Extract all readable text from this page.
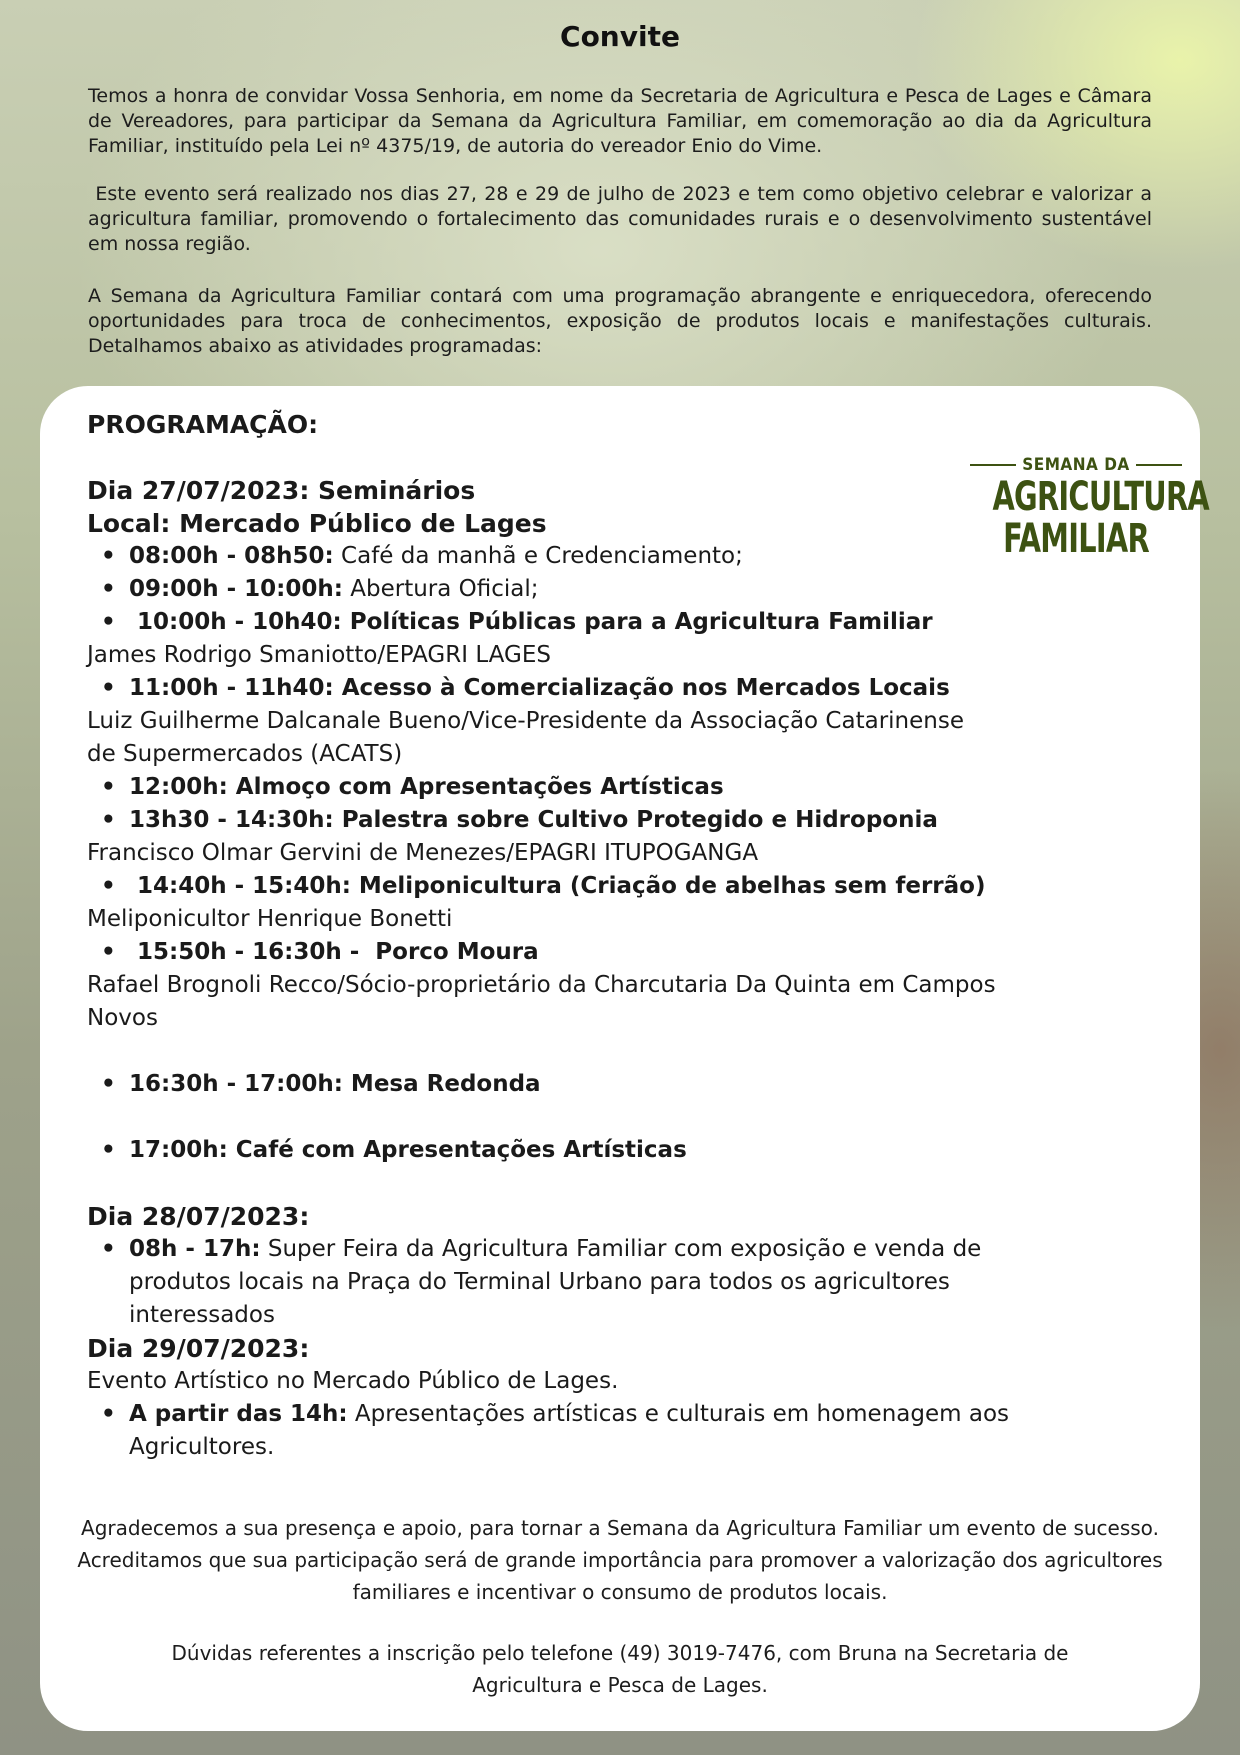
Convite

Temos a honra de convidar Vossa Senhoria, em nome da Secretaria de Agricultura e Pesca de Lages e Câmara de Vereadores, para participar da Semana da Agricultura Familiar, em comemoração ao dia da Agricultura Familiar, instituído pela Lei nº 4375/19, de autoria do vereador Enio do Vime.

Este evento será realizado nos dias 27, 28 e 29 de julho de 2023 e tem como objetivo celebrar e valorizar a agricultura familiar, promovendo o fortalecimento das comunidades rurais e o desenvolvimento sustentável em nossa região.

A Semana da Agricultura Familiar contará com uma programação abrangente e enriquecedora, oferecendo oportunidades para troca de conhecimentos, exposição de produtos locais e manifestações culturais. Detalhamos abaixo as atividades programadas:

SEMANA DA
AGRICULTURA
FAMILIAR
PROGRAMAÇÃO:
Dia 27/07/2023: Seminários
Local: Mercado Público de Lages
• 08:00h - 08h50: Café da manhã e Credenciamento;
• 09:00h - 10:00h: Abertura Oficial;
• 10:00h - 10h40: Políticas Públicas para a Agricultura Familiar
James Rodrigo Smaniotto/EPAGRI LAGES
• 11:00h - 11h40: Acesso à Comercialização nos Mercados Locais
Luiz Guilherme Dalcanale Bueno/Vice-Presidente da Associação Catarinense de Supermercados (ACATS)
• 12:00h: Almoço com Apresentações Artísticas
• 13h30 - 14:30h: Palestra sobre Cultivo Protegido e Hidroponia
Francisco Olmar Gervini de Menezes/EPAGRI ITUPOGANGA
• 14:40h - 15:40h: Meliponicultura (Criação de abelhas sem ferrão)
Meliponicultor Henrique Bonetti
• 15:50h - 16:30h -  Porco Moura
Rafael Brognoli Recco/Sócio-proprietário da Charcutaria Da Quinta em Campos Novos
• 16:30h - 17:00h: Mesa Redonda
• 17:00h: Café com Apresentações Artísticas
Dia 28/07/2023:
• 08h - 17h: Super Feira da Agricultura Familiar com exposição e venda de produtos locais na Praça do Terminal Urbano para todos os agricultores interessados
Dia 29/07/2023:
Evento Artístico no Mercado Público de Lages.
• A partir das 14h: Apresentações artísticas e culturais em homenagem aos Agricultores.

Agradecemos a sua presença e apoio, para tornar a Semana da Agricultura Familiar um evento de sucesso. Acreditamos que sua participação será de grande importância para promover a valorização dos agricultores familiares e incentivar o consumo de produtos locais.

Dúvidas referentes a inscrição pelo telefone (49) 3019-7476, com Bruna na Secretaria de Agricultura e Pesca de Lages.
